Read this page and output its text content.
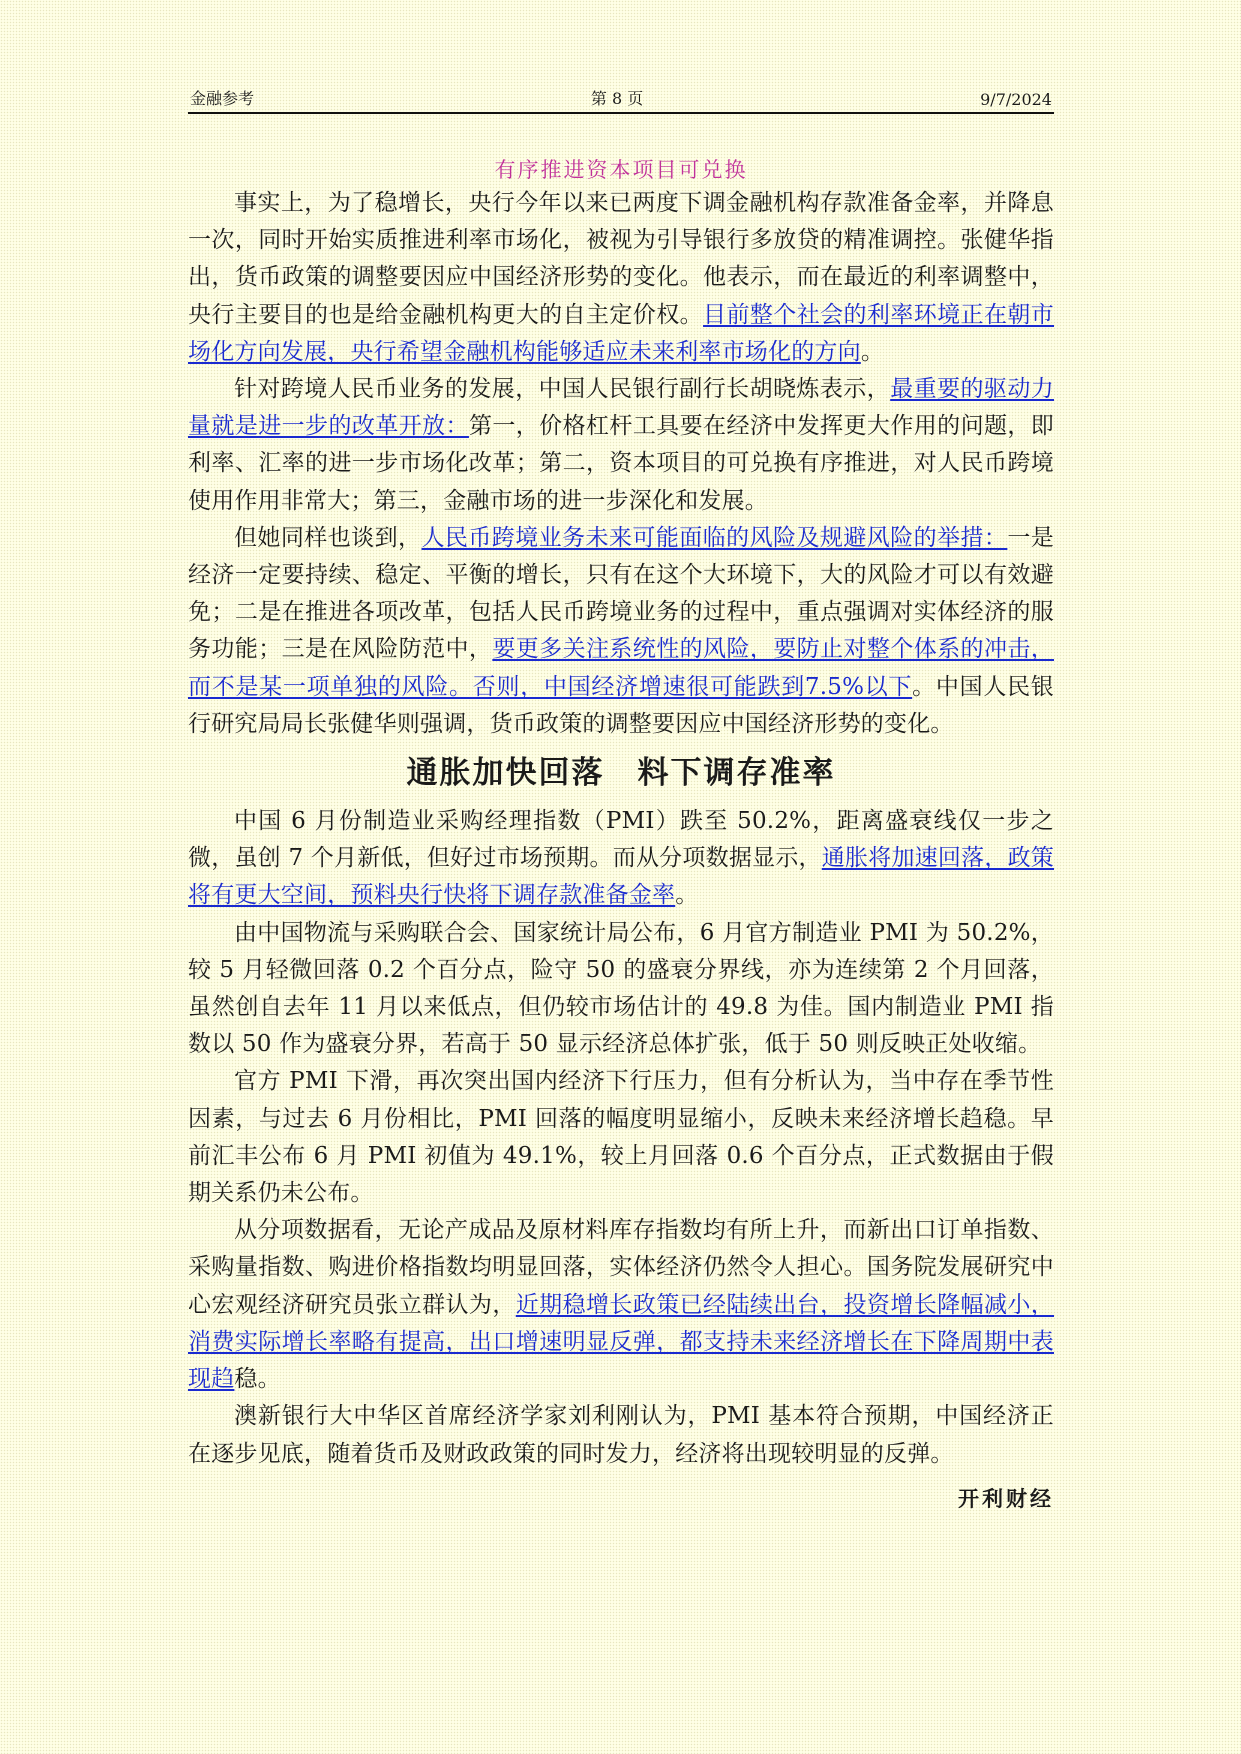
金融参考	第 8 页	9/7/2024
有序推进资本项目可兑换

事实上，为了稳增长，央行今年以来已两度下调金融机构存款准备金率，并降息一次，同时开始实质推进利率市场化，被视为引导银行多放贷的精准调控。张健华指出，货币政策的调整要因应中国经济形势的变化。他表示，而在最近的利率调整中，央行主要目的也是给金融机构更大的自主定价权。目前整个社会的利率环境正在朝市场化方向发展，央行希望金融机构能够适应未来利率市场化的方向。

针对跨境人民币业务的发展，中国人民银行副行长胡晓炼表示，最重要的驱动力量就是进一步的改革开放：第一，价格杠杆工具要在经济中发挥更大作用的问题，即利率、汇率的进一步市场化改革；第二，资本项目的可兑换有序推进，对人民币跨境使用作用非常大；第三，金融市场的进一步深化和发展。

但她同样也谈到，人民币跨境业务未来可能面临的风险及规避风险的举措：一是经济一定要持续、稳定、平衡的增长，只有在这个大环境下，大的风险才可以有效避免；二是在推进各项改革，包括人民币跨境业务的过程中，重点强调对实体经济的服务功能；三是在风险防范中，要更多关注系统性的风险，要防止对整个体系的冲击，而不是某一项单独的风险。否则，中国经济增速很可能跌到7.5%以下。中国人民银行研究局局长张健华则强调，货币政策的调整要因应中国经济形势的变化。

通胀加快回落　料下调存准率

中国 6 月份制造业采购经理指数（PMI）跌至 50.2%，距离盛衰线仅一步之微，虽创 7 个月新低，但好过市场预期。而从分项数据显示，通胀将加速回落，政策将有更大空间，预料央行快将下调存款准备金率。

由中国物流与采购联合会、国家统计局公布，6 月官方制造业 PMI 为 50.2%，较 5 月轻微回落 0.2 个百分点，险守 50 的盛衰分界线，亦为连续第 2 个月回落，虽然创自去年 11 月以来低点，但仍较市场估计的 49.8 为佳。国内制造业 PMI 指数以 50 作为盛衰分界，若高于 50 显示经济总体扩张，低于 50 则反映正处收缩。

官方 PMI 下滑，再次突出国内经济下行压力，但有分析认为，当中存在季节性因素，与过去 6 月份相比，PMI 回落的幅度明显缩小，反映未来经济增长趋稳。早前汇丰公布 6 月 PMI 初值为 49.1%，较上月回落 0.6 个百分点，正式数据由于假期关系仍未公布。

从分项数据看，无论产成品及原材料库存指数均有所上升，而新出口订单指数、采购量指数、购进价格指数均明显回落，实体经济仍然令人担心。国务院发展研究中心宏观经济研究员张立群认为，近期稳增长政策已经陆续出台，投资增长降幅减小，消费实际增长率略有提高，出口增速明显反弹，都支持未来经济增长在下降周期中表现趋稳。

澳新银行大中华区首席经济学家刘利刚认为，PMI 基本符合预期，中国经济正在逐步见底，随着货币及财政政策的同时发力，经济将出现较明显的反弹。

开利财经
